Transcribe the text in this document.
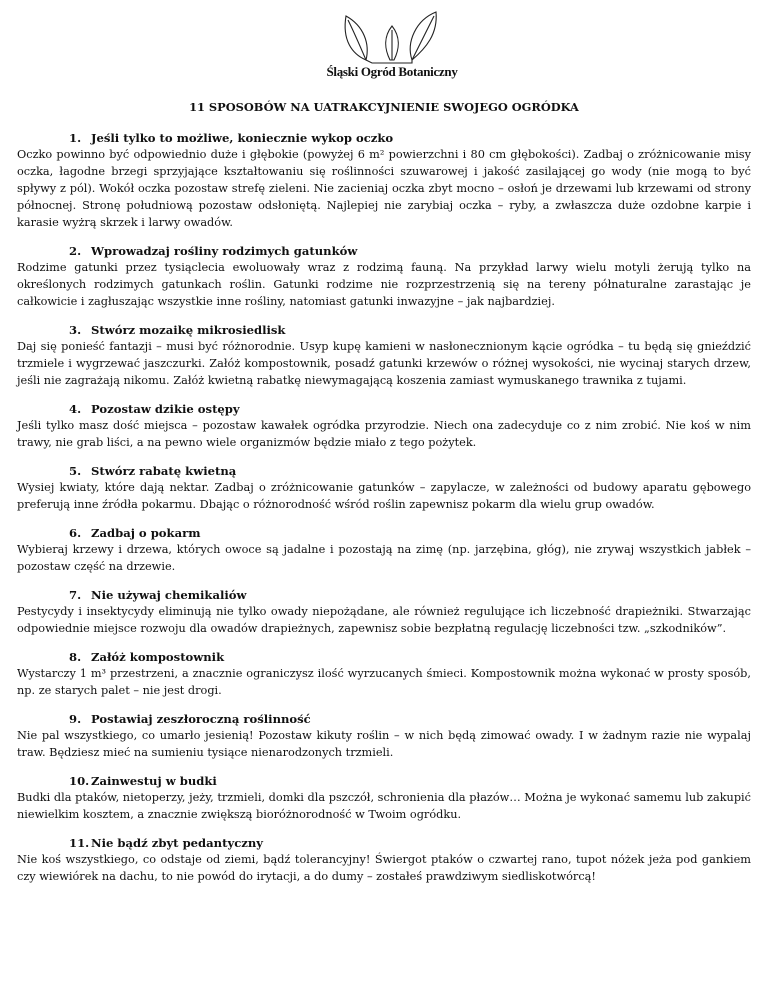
Śląski Ogród Botaniczny
11 SPOSOBÓW NA UATRAKCYJNIENIE SWOJEGO OGRÓDKA
1. Jeśli tylko to możliwe, koniecznie wykop oczko
Oczko powinno być odpowiednio duże i głębokie (powyżej 6 m² powierzchni i 80 cm głębokości). Zadbaj o zróżnicowanie misy oczka, łagodne brzegi sprzyjające kształtowaniu się roślinności szuwarowej i jakość zasilającej go wody (nie mogą to być spływy z pól). Wokół oczka pozostaw strefę zieleni. Nie zacieniaj oczka zbyt mocno – osłoń je drzewami lub krzewami od strony północnej. Stronę południową pozostaw odsłoniętą. Najlepiej nie zarybiaj oczka – ryby, a zwłaszcza duże ozdobne karpie i karasie wyżrą skrzek i larwy owadów.
2. Wprowadzaj rośliny rodzimych gatunków
Rodzime gatunki przez tysiąclecia ewoluowały wraz z rodzimą fauną. Na przykład larwy wielu motyli żerują tylko na określonych rodzimych gatunkach roślin. Gatunki rodzime nie rozprzestrzenią się na tereny półnaturalne zarastając je całkowicie i zagłuszając wszystkie inne rośliny, natomiast gatunki inwazyjne – jak najbardziej.
3. Stwórz mozaikę mikrosiedlisk
Daj się ponieść fantazji – musi być różnorodnie. Usyp kupę kamieni w nasłonecznionym kącie ogródka – tu będą się gnieździć trzmiele i wygrzewać jaszczurki. Załóż kompostownik, posadź gatunki krzewów o różnej wysokości, nie wycinaj starych drzew, jeśli nie zagrażają nikomu. Załóż kwietną rabatkę niewymagającą koszenia zamiast wymuskanego trawnika z tujami.
4. Pozostaw dzikie ostępy
Jeśli tylko masz dość miejsca – pozostaw kawałek ogródka przyrodzie. Niech ona zadecyduje co z nim zrobić. Nie koś w nim trawy, nie grab liści, a na pewno wiele organizmów będzie miało z tego pożytek.
5. Stwórz rabatę kwietną
Wysiej kwiaty, które dają nektar. Zadbaj o zróżnicowanie gatunków – zapylacze, w zależności od budowy aparatu gębowego preferują inne źródła pokarmu. Dbając o różnorodność wśród roślin zapewnisz pokarm dla wielu grup owadów.
6. Zadbaj o pokarm
Wybieraj krzewy i drzewa, których owoce są jadalne i pozostają na zimę (np. jarzębina, głóg), nie zrywaj wszystkich jabłek – pozostaw część na drzewie.
7. Nie używaj chemikaliów
Pestycydy i insektycydy eliminują nie tylko owady niepożądane, ale również regulujące ich liczebność drapieżniki. Stwarzając odpowiednie miejsce rozwoju dla owadów drapieżnych, zapewnisz sobie bezpłatną regulację liczebności tzw. „szkodników”.
8. Załóż kompostownik
Wystarczy 1 m³ przestrzeni, a znacznie ograniczysz ilość wyrzucanych śmieci. Kompostownik można wykonać w prosty sposób, np. ze starych palet – nie jest drogi.
9. Postawiaj zeszłoroczną roślinność
Nie pal wszystkiego, co umarło jesienią! Pozostaw kikuty roślin – w nich będą zimować owady. I w żadnym razie nie wypalaj traw. Będziesz mieć na sumieniu tysiące nienarodzonych trzmieli.
10. Zainwestuj w budki
Budki dla ptaków, nietoperzy, jeży, trzmieli, domki dla pszczół, schronienia dla płazów… Można je wykonać samemu lub zakupić niewielkim kosztem, a znacznie zwiększą bioróżnorodność w Twoim ogródku.
11. Nie bądź zbyt pedantyczny
Nie koś wszystkiego, co odstaje od ziemi, bądź tolerancyjny! Świergot ptaków o czwartej rano, tupot nóżek jeża pod gankiem czy wiewiórek na dachu, to nie powód do irytacji, a do dumy – zostałeś prawdziwym siedliskotwórcą!
